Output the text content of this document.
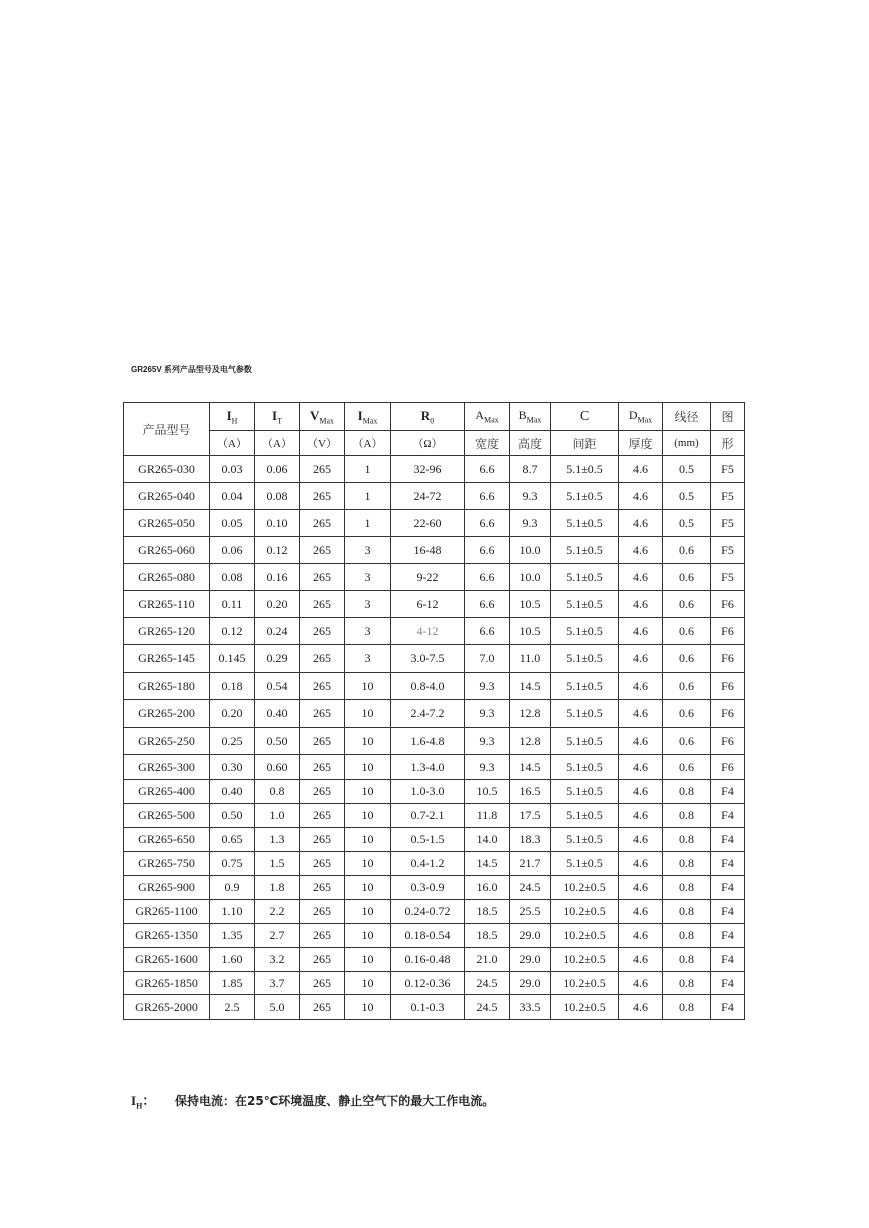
GR265V 系列产品型号及电气参数
产品型号	$I_H$	$I_T$	$V_{Max}$	$I_{Max}$	$R_0$	$A_{Max}$	$B_{Max}$	C	$D_{Max}$	线径	图
	（A）	（A）	（V）	（A）	（Ω）	宽度	高度	间距	厚度	(mm)	形
GR265-030	0.03	0.06	265	1	32-96	6.6	8.7	5.1±0.5	4.6	0.5	F5
GR265-040	0.04	0.08	265	1	24-72	6.6	9.3	5.1±0.5	4.6	0.5	F5
GR265-050	0.05	0.10	265	1	22-60	6.6	9.3	5.1±0.5	4.6	0.5	F5
GR265-060	0.06	0.12	265	3	16-48	6.6	10.0	5.1±0.5	4.6	0.6	F5
GR265-080	0.08	0.16	265	3	9-22	6.6	10.0	5.1±0.5	4.6	0.6	F5
GR265-110	0.11	0.20	265	3	6-12	6.6	10.5	5.1±0.5	4.6	0.6	F6
GR265-120	0.12	0.24	265	3	4-12	6.6	10.5	5.1±0.5	4.6	0.6	F6
GR265-145	0.145	0.29	265	3	3.0-7.5	7.0	11.0	5.1±0.5	4.6	0.6	F6
GR265-180	0.18	0.54	265	10	0.8-4.0	9.3	14.5	5.1±0.5	4.6	0.6	F6
GR265-200	0.20	0.40	265	10	2.4-7.2	9.3	12.8	5.1±0.5	4.6	0.6	F6
GR265-250	0.25	0.50	265	10	1.6-4.8	9.3	12.8	5.1±0.5	4.6	0.6	F6
GR265-300	0.30	0.60	265	10	1.3-4.0	9.3	14.5	5.1±0.5	4.6	0.6	F6
GR265-400	0.40	0.8	265	10	1.0-3.0	10.5	16.5	5.1±0.5	4.6	0.8	F4
GR265-500	0.50	1.0	265	10	0.7-2.1	11.8	17.5	5.1±0.5	4.6	0.8	F4
GR265-650	0.65	1.3	265	10	0.5-1.5	14.0	18.3	5.1±0.5	4.6	0.8	F4
GR265-750	0.75	1.5	265	10	0.4-1.2	14.5	21.7	5.1±0.5	4.6	0.8	F4
GR265-900	0.9	1.8	265	10	0.3-0.9	16.0	24.5	10.2±0.5	4.6	0.8	F4
GR265-1100	1.10	2.2	265	10	0.24-0.72	18.5	25.5	10.2±0.5	4.6	0.8	F4
GR265-1350	1.35	2.7	265	10	0.18-0.54	18.5	29.0	10.2±0.5	4.6	0.8	F4
GR265-1600	1.60	3.2	265	10	0.16-0.48	21.0	29.0	10.2±0.5	4.6	0.8	F4
GR265-1850	1.85	3.7	265	10	0.12-0.36	24.5	29.0	10.2±0.5	4.6	0.8	F4
GR265-2000	2.5	5.0	265	10	0.1-0.3	24.5	33.5	10.2±0.5	4.6	0.8	F4
$I_H$： 保持电流：在25℃环境温度、静止空气下的最大工作电流。
